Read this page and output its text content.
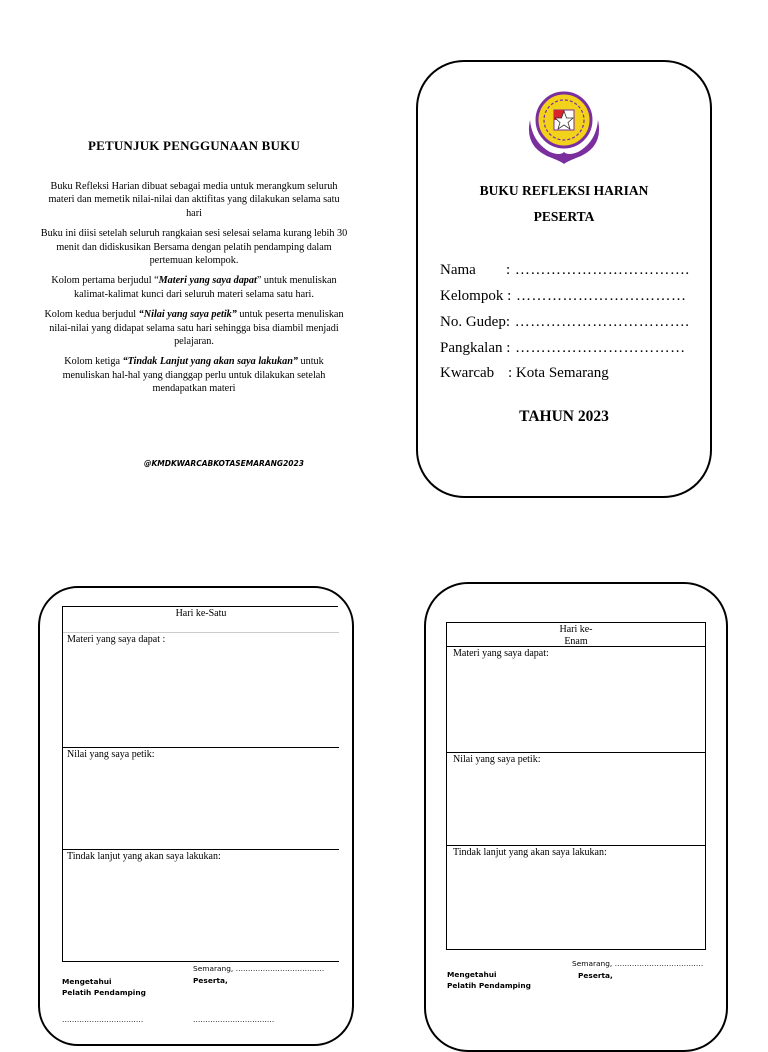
PETUNJUK PENGGUNAAN BUKU

Buku Refleksi Harian dibuat sebagai media untuk merangkum seluruh materi dan memetik nilai-nilai dan aktifitas yang dilakukan selama satu hari

Buku ini diisi setelah seluruh rangkaian sesi selesai selama kurang lebih 30 menit dan didiskusikan Bersama dengan pelatih pendamping dalam pertemuan kelompok.

Kolom pertama berjudul “Materi yang saya dapat” untuk menuliskan kalimat-kalimat kunci dari seluruh materi selama satu hari.

Kolom kedua berjudul “Nilai yang saya petik” untuk peserta menuliskan nilai-nilai yang didapat selama satu hari sehingga bisa diambil menjadi pelajaran.

Kolom ketiga “Tindak Lanjut yang akan saya lakukan” untuk menuliskan hal-hal yang dianggap perlu untuk dilakukan setelah mendapatkan materi

@KMDKWARCABKOTASEMARANG2023
BUKU REFLEKSI HARIAN
PESERTA
Nama : …………………………….
Kelompok : ……………………………
No. Gudep: …………………………….
Pangkalan : ……………………………
Kwarcab : Kota Semarang
TAHUN 2023
Hari ke-Satu
Materi yang saya dapat :
Nilai yang saya petik:
Tindak lanjut yang akan saya lakukan:
Semarang, ………………………………
Mengetahui
Pelatih Pendamping
Peserta,
……………………………	……………………………
Hari ke-
Enam
Materi yang saya dapat:
Nilai yang saya petik:
Tindak lanjut yang akan saya lakukan:
Semarang, ………………………………
Mengetahui
Pelatih Pendamping
Peserta,
